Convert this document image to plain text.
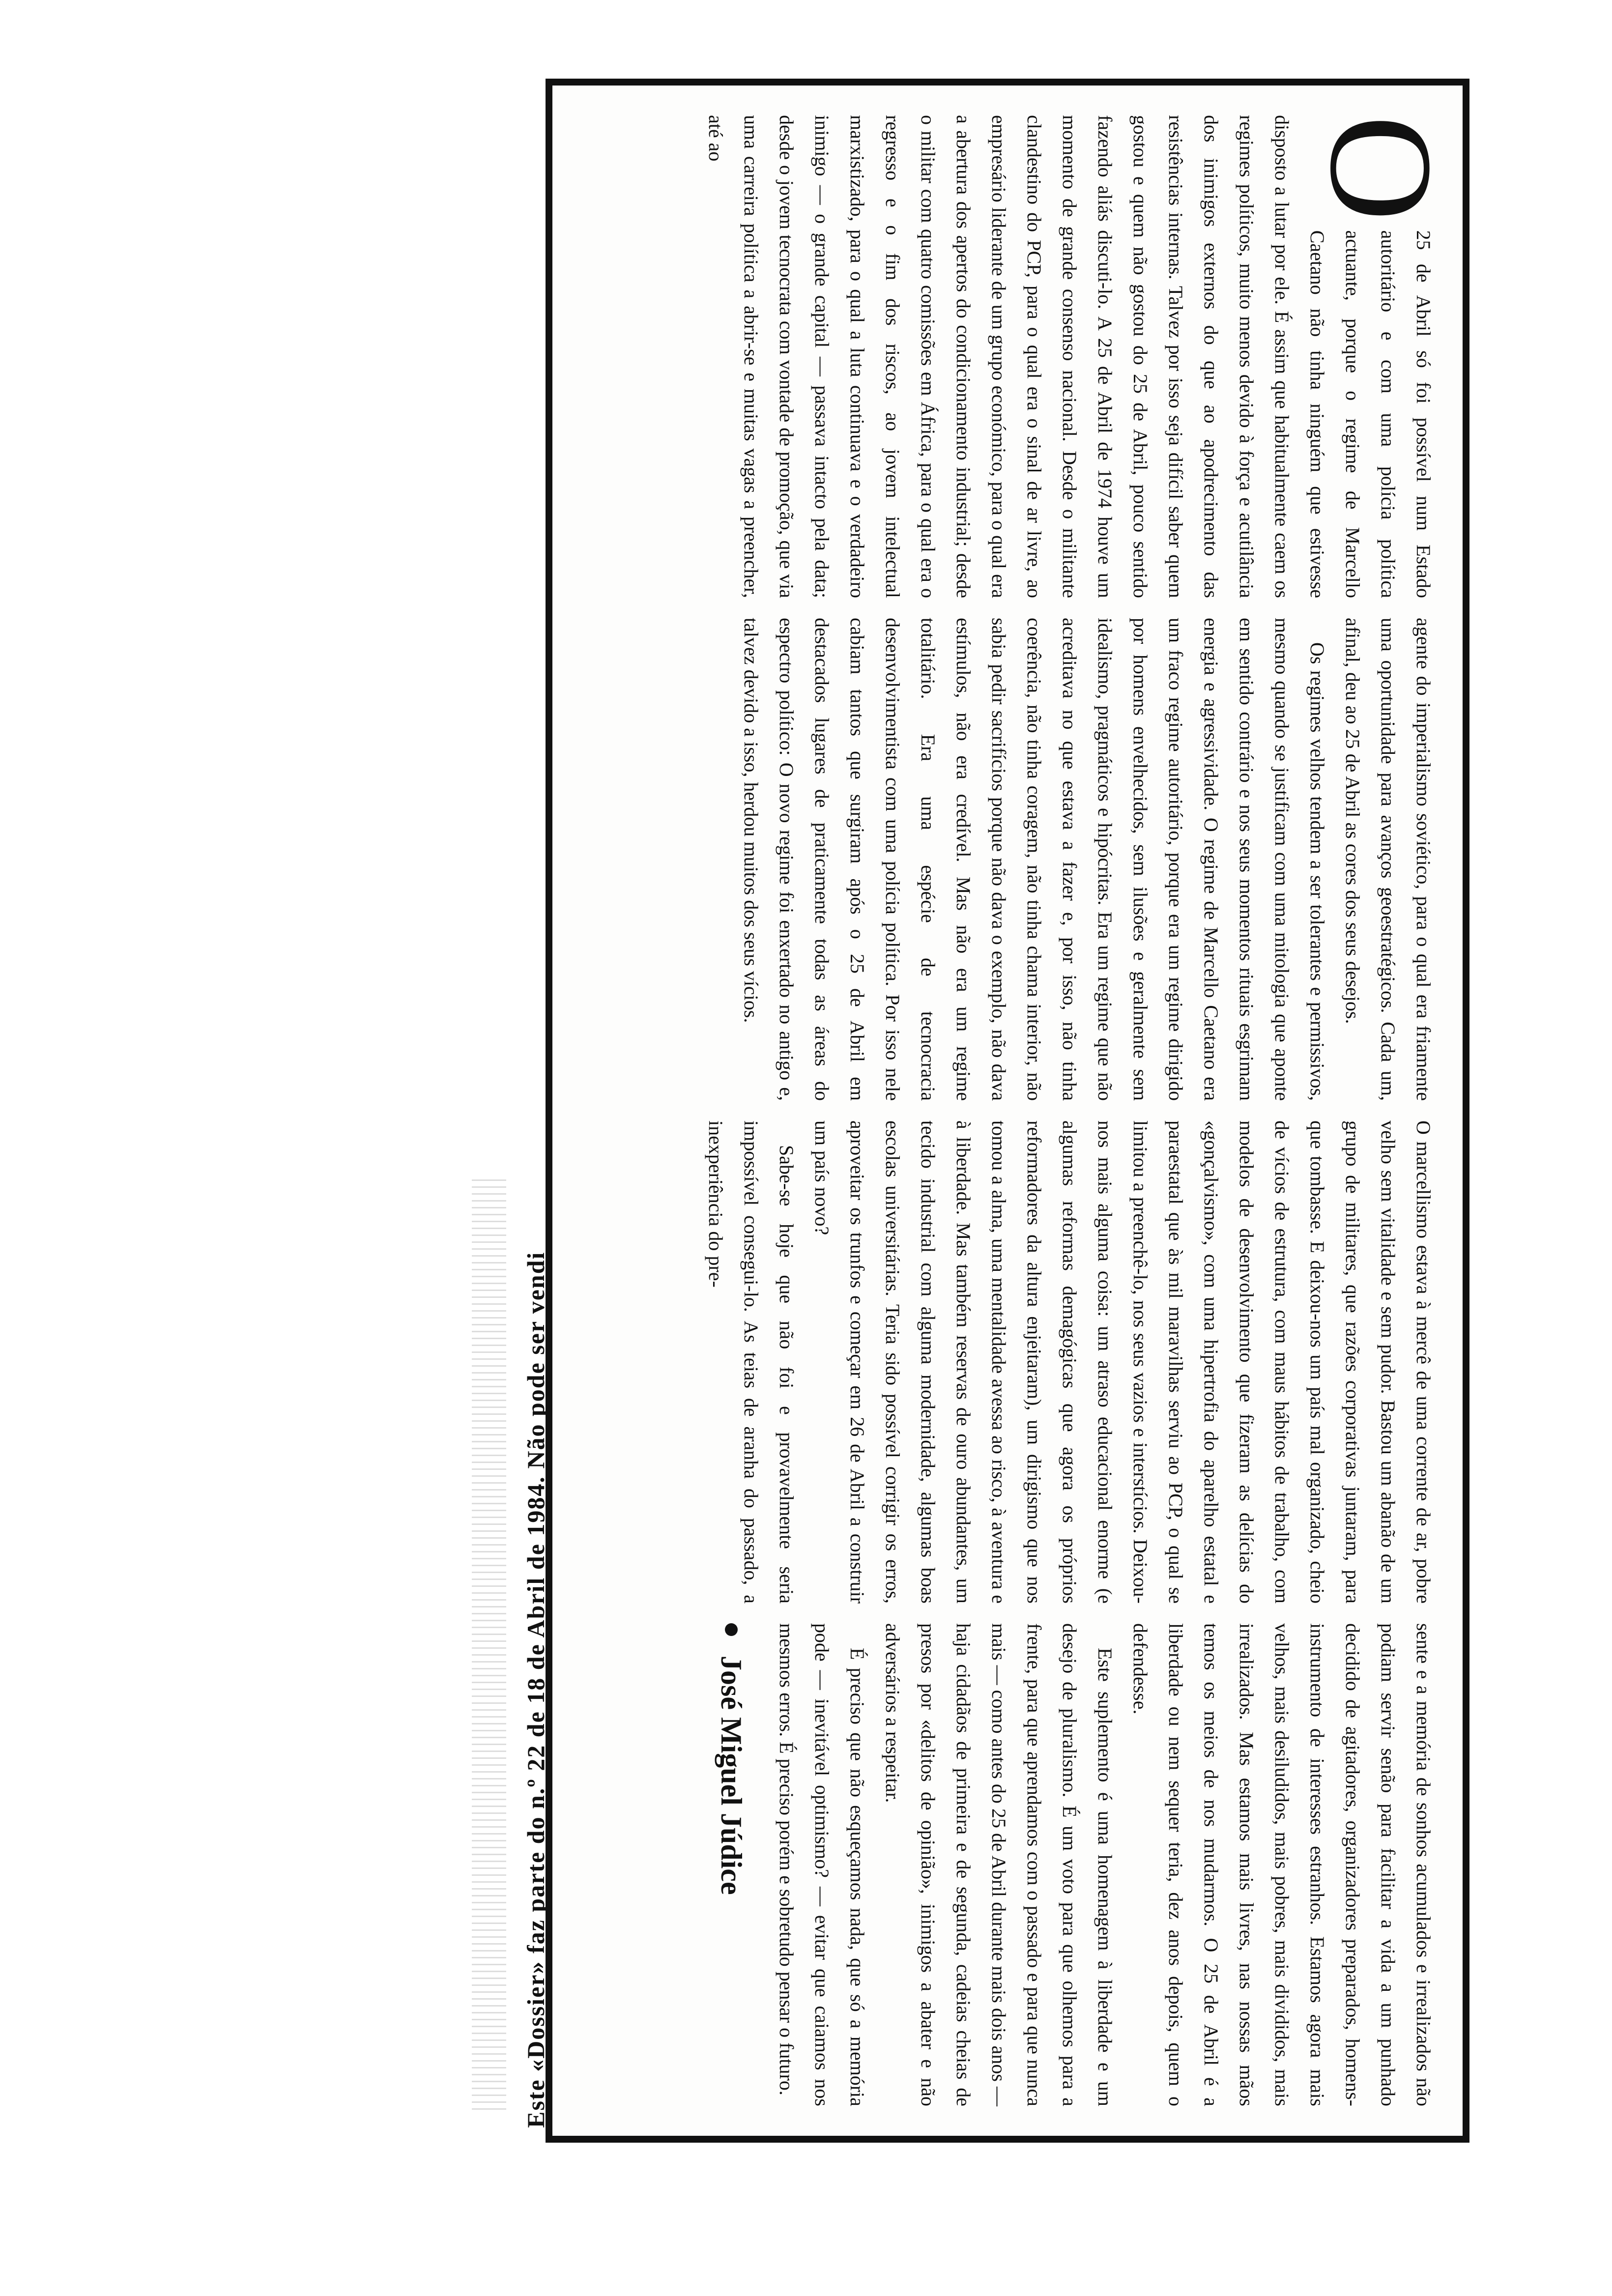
O
25 de Abril só foi possível num Estado autoritário e com uma polícia política actuante, porque o regime de Marcello Caetano não tinha ninguém que estivesse disposto a lutar por ele. É assim que habitualmente caem os regimes políticos, muito menos devido à força e acutilância dos inimigos externos do que ao apodrecimento das resistências internas. Talvez por isso seja difícil saber quem gostou e quem não gostou do 25 de Abril, pouco sentido fazendo aliás discuti-lo. A 25 de Abril de 1974 houve um momento de grande consenso nacional. Desde o militante clandestino do PCP, para o qual era o sinal de ar livre, ao empresário liderante de um grupo económico, para o qual era a abertura dos apertos do condicionamento industrial; desde o militar com quatro comissões em África, para o qual era o regresso e o fim dos riscos, ao jovem intelectual marxistizado, para o qual a luta continuava e o verdadeiro inimigo — o grande capital — passava intacto pela data; desde o jovem tecnocrata com vontade de promoção, que via uma carreira política a abrir-se e muitas vagas a preencher, até ao

agente do imperialismo soviético, para o qual era friamente uma oportunidade para avanços geoestratégicos. Cada um, afinal, deu ao 25 de Abril as cores dos seus desejos.

Os regimes velhos tendem a ser tolerantes e permissivos, mesmo quando se justificam com uma mitologia que aponte em sentido contrário e nos seus momentos rituais esgrimam energia e agressividade. O regime de Marcello Caetano era um fraco regime autoritário, porque era um regime dirigido por homens envelhecidos, sem ilusões e geralmente sem idealismo, pragmáticos e hipócritas. Era um regime que não acreditava no que estava a fazer e, por isso, não tinha coerência, não tinha coragem, não tinha chama interior, não sabia pedir sacrifícios porque não dava o exemplo, não dava estímulos, não era credível. Mas não era um regime totalitário. Era uma espécie de tecnocracia desenvolvimentista com uma polícia política. Por isso nele cabiam tantos que surgiram após o 25 de Abril em destacados lugares de praticamente todas as áreas do espectro político: O novo regime foi enxertado no antigo e, talvez devido a isso, herdou muitos dos seus vícios.

O marcellismo estava à mercê de uma corrente de ar, pobre velho sem vitalidade e sem pudor. Bastou um abanão de um grupo de militares, que razões corporativas juntaram, para que tombasse. E deixou-nos um país mal organizado, cheio de vícios de estrutura, com maus hábitos de trabalho, com modelos de desenvolvimento que fizeram as delícias do «gonçalvismo», com uma hipertrofia do aparelho estatal e paraestatal que às mil maravilhas serviu ao PCP, o qual se limitou a preenchê-lo, nos seus vazios e interstícios. Deixou-nos mais alguma coisa: um atraso educacional enorme (e algumas reformas demagógicas que agora os próprios reformadores da altura enjeitaram), um dirigismo que nos tomou a alma, uma mentalidade avessa ao risco, à aventura e à liberdade. Mas também reservas de ouro abundantes, um tecido industrial com alguma modernidade, algumas boas escolas universitárias. Teria sido possível corrigir os erros, aproveitar os trunfos e começar em 26 de Abril a construir um país novo?

Sabe-se hoje que não foi e provavelmente seria impossível consegui-lo. As teias de aranha do passado, a inexperiência do pre-

sente e a memória de sonhos acumulados e irrealizados não podiam servir senão para facilitar a vida a um punhado decidido de agitadores, organizadores preparados, homens-instrumento de interesses estranhos. Estamos agora mais velhos, mais desiludidos, mais pobres, mais divididos, mais irrealizados. Mas estamos mais livres, nas nossas mãos temos os meios de nos mudarmos. O 25 de Abril é a liberdade ou nem sequer teria, dez anos depois, quem o defendesse.

Este suplemento é uma homenagem à liberdade e um desejo de pluralismo. É um voto para que olhemos para a frente, para que aprendamos com o passado e para que nunca mais — como antes do 25 de Abril durante mais dois anos — haja cidadãos de primeira e de segunda, cadeias cheias de presos por «delitos de opinião», inimigos a abater e não adversários a respeitar.

É preciso que não esqueçamos nada, que só a memória pode — inevitável optimismo? — evitar que caiamos nos mesmos erros. É preciso porém e sobretudo pensar o futuro.

José Miguel Júdice
Este «Dossier» faz parte do n.º 22 de 18 de Abril de 1984. Não pode ser vendi
